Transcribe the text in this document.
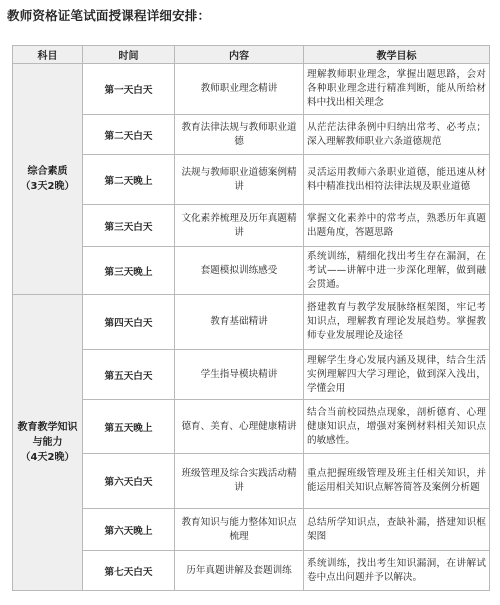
教师资格证笔试面授课程详细安排：
科目	时间	内容	教学目标

综合素质
（3天2晚）	第一天白天	教师职业理念精讲	理解教师职业理念，掌握出题思路，会对各种职业理念进行精准判断，能从所给材料中找出相关理念
	第二天白天	教育法律法规与教师职业道德	从茫茫法律条例中归纳出常考、必考点；深入理解教师职业六条道德规范
	第二天晚上	法规与教师职业道德案例精讲	灵活运用教师六条职业道德，能迅速从材料中精准找出相符法律法规及职业道德
	第三天白天	文化素养梳理及历年真题精讲	掌握文化素养中的常考点，熟悉历年真题出题角度，答题思路
	第三天晚上	套题模拟训练感受	系统训练，精细化找出考生存在漏洞，在考试——讲解中进一步深化理解，做到融会贯通。

教育教学知识与能力
（4天2晚）	第四天白天	教育基础精讲	搭建教育与教学发展脉络框架图，牢记考知识点，理解教育理论发展趋势。掌握教师专业发展理论及途径
	第五天白天	学生指导模块精讲	理解学生身心发展内涵及规律，结合生活实例理解四大学习理论，做到深入浅出，学懂会用
	第五天晚上	德育、美育、心理健康精讲	结合当前校园热点现象，剖析德育、心理健康知识点，增强对案例材料相关知识点的敏感性。
	第六天白天	班级管理及综合实践活动精讲	重点把握班级管理及班主任相关知识，并能运用相关知识点解答简答及案例分析题
	第六天晚上	教育知识与能力整体知识点梳理	总结所学知识点，查缺补漏，搭建知识框架图
	第七天白天	历年真题讲解及套题训练	系统训练，找出考生知识漏洞，在讲解试卷中点出问题并予以解决。
